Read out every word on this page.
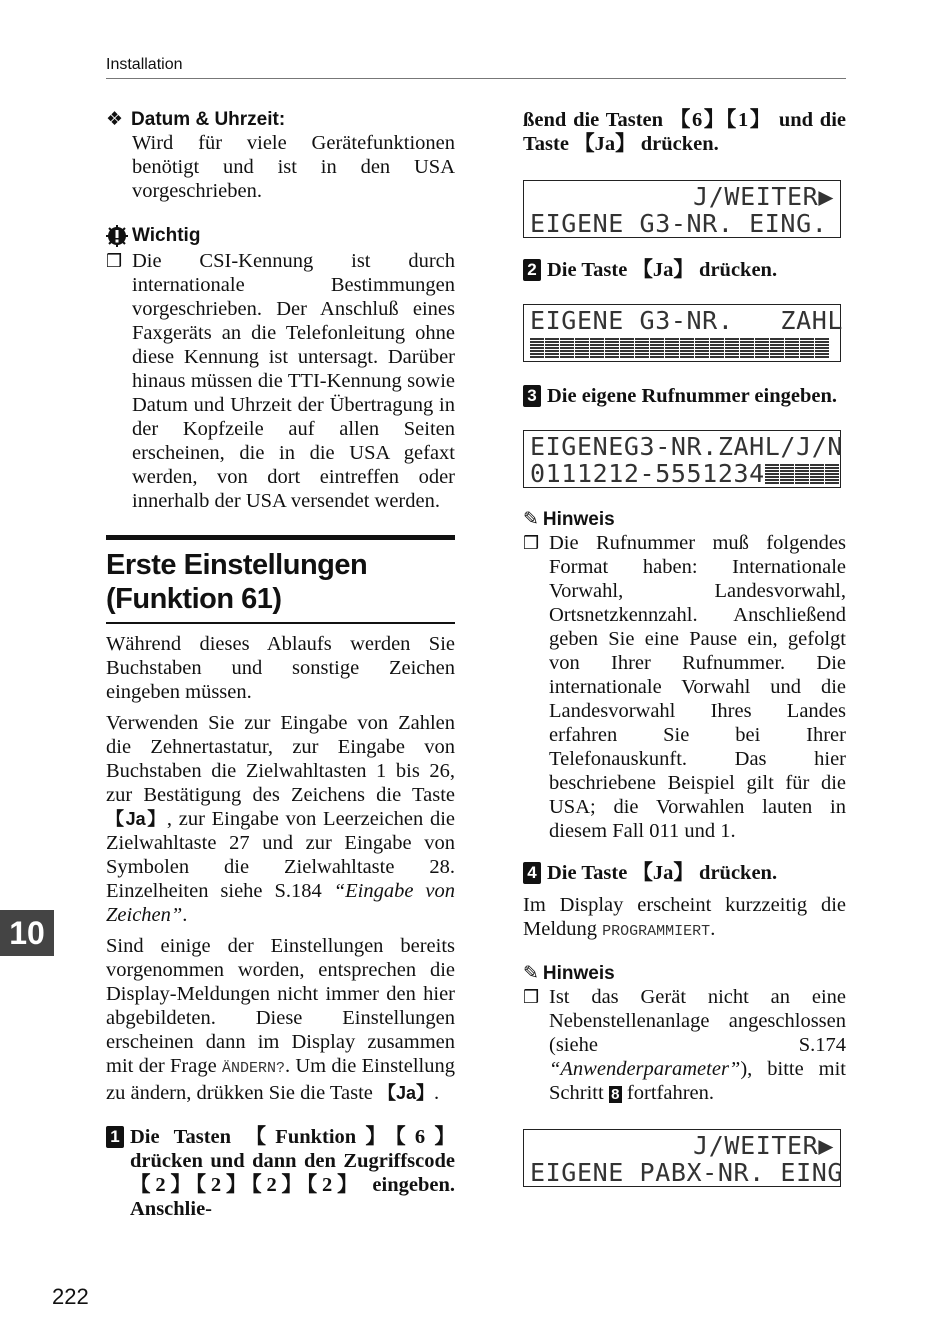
Installation
10
222
❖ Datum & Uhrzeit:

Wird für viele Gerätefunktionen benötigt und ist in den USA vorgeschrieben.

Wichtig
❒ Die CSI-Kennung ist durch internationale Bestimmungen vorgeschrieben. Der Anschluß eines Faxgeräts an die Telefonleitung ohne diese Kennung ist untersagt. Darüber hinaus müssen die TTI-Kennung sowie Datum und Uhrzeit der Übertragung in der Kopfzeile auf allen Seiten erscheinen, die in die USA gefaxt werden, von dort eintreffen oder innerhalb der USA versendet werden.

Erste Einstellungen (Funktion 61)

Während dieses Ablaufs werden Sie Buchstaben und sonstige Zeichen eingeben müssen.

Verwenden Sie zur Eingabe von Zahlen die Zehnertastatur, zur Eingabe von Buchstaben die Zielwahltasten 1 bis 26, zur Bestätigung des Zeichens die Taste 【Ja】, zur Eingabe von Leerzeichen die Zielwahltaste 27 und zur Eingabe von Symbolen die Zielwahltaste 28. Einzelheiten siehe S.184 “Eingabe von Zeichen”.

Sind einige der Einstellungen bereits vorgenommen worden, entsprechen die Display-Meldungen nicht immer den hier abgebildeten. Diese Einstellungen erscheinen dann im Display zusammen mit der Frage ÄNDERN?. Um die Einstellung zu ändern, drükken Sie die Taste 【Ja】.

1 Die Tasten 【Funktion】【6】 drücken und dann den Zugriffscode 【2】【2】【2】【2】 eingeben. Anschlie-

ßend die Tasten 【6】【1】 und die Taste 【Ja】 drücken.

J/WEITER▶
EIGENE G3-NR. EING.
2 Die Taste 【Ja】 drücken.

EIGENE G3-NR.   ZAHL
3 Die eigene Rufnummer eingeben.

EIGENEG3-NR.ZAHL/J/N
0111212-5551234
✎ Hinweis
❒ Die Rufnummer muß folgendes Format haben: Internationale Vorwahl, Landesvorwahl, Ortsnetzkennzahl. Anschließend geben Sie eine Pause ein, gefolgt von Ihrer Rufnummer. Die internationale Vorwahl und die Landesvorwahl Ihres Landes erfahren Sie bei Ihrer Telefonauskunft. Das hier beschriebene Beispiel gilt für die USA; die Vorwahlen lauten in diesem Fall 011 und 1.

4 Die Taste 【Ja】 drücken.

Im Display erscheint kurzzeitig die Meldung PROGRAMMIERT.

✎ Hinweis
❒ Ist das Gerät nicht an eine Nebenstellenanlage angeschlossen (siehe S.174 “Anwenderparameter”), bitte mit Schritt 8 fortfahren.

J/WEITER▶
EIGENE PABX-NR. EING
